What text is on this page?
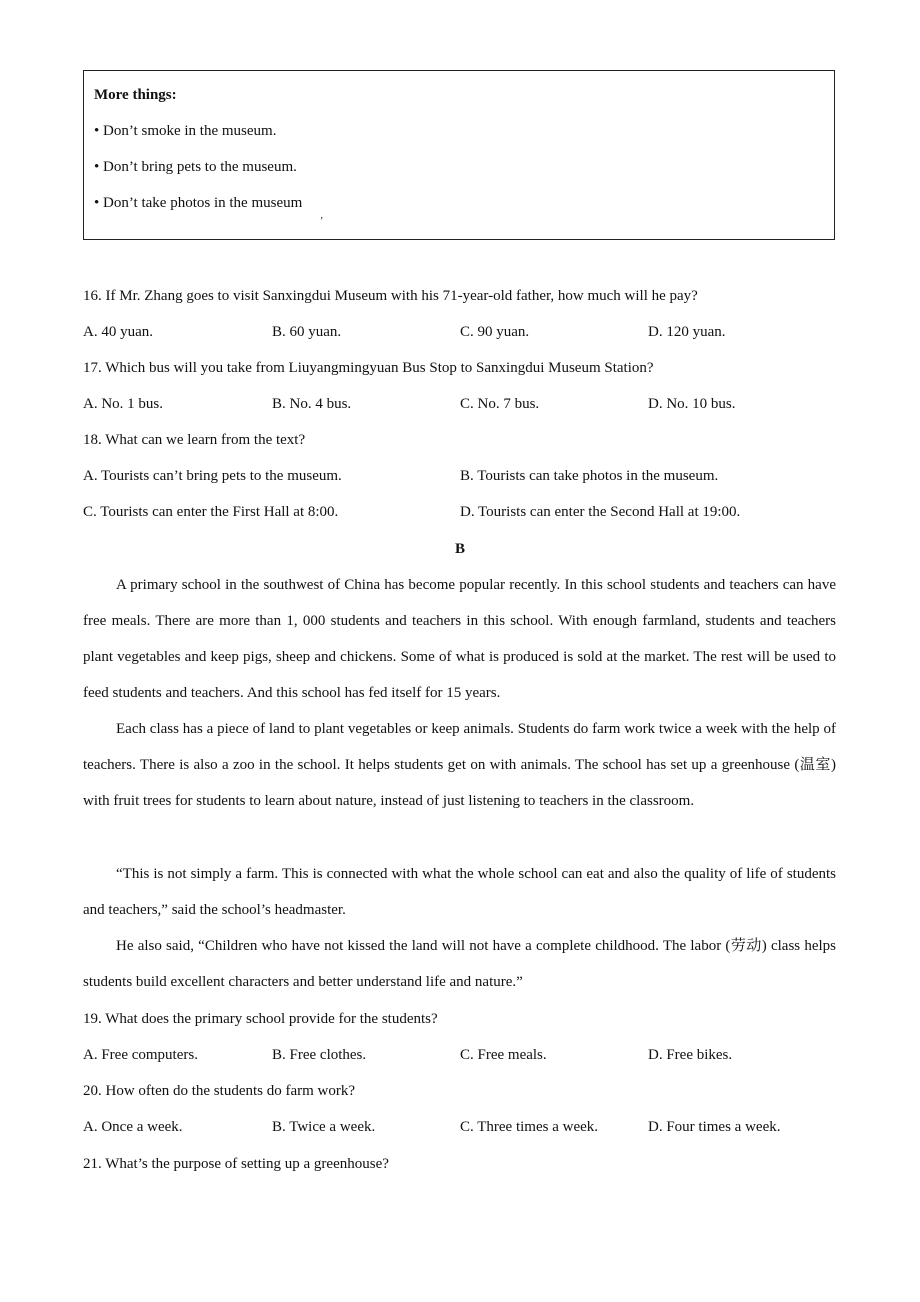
More things:
• Don’t smoke in the museum.
• Don’t bring pets to the museum.
• Don’t take photos in the museum
’
16. If Mr. Zhang goes to visit Sanxingdui Museum with his 71-year-old father, how much will he pay?
A. 40 yuan.	B. 60 yuan.	C. 90 yuan.	D. 120 yuan.
17. Which bus will you take from Liuyangmingyuan Bus Stop to Sanxingdui Museum Station?
A. No. 1 bus.	B. No. 4 bus.	C. No. 7 bus.	D. No. 10 bus.
18. What can we learn from the text?
A. Tourists can’t bring pets to the museum.	B. Tourists can take photos in the museum.
C. Tourists can enter the First Hall at 8:00.	D. Tourists can enter the Second Hall at 19:00.
B

A primary school in the southwest of China has become popular recently. In this school students and teachers can have free meals. There are more than 1, 000 students and teachers in this school. With enough farmland, students and teachers plant vegetables and keep pigs, sheep and chickens. Some of what is produced is sold at the market. The rest will be used to feed students and teachers. And this school has fed itself for 15 years.

Each class has a piece of land to plant vegetables or keep animals. Students do farm work twice a week with the help of teachers. There is also a zoo in the school. It helps students get on with animals. The school has set up a greenhouse (温室) with fruit trees for students to learn about nature, instead of just listening to teachers in the classroom.

“This is not simply a farm. This is connected with what the whole school can eat and also the quality of life of students and teachers,” said the school’s headmaster.

He also said, “Children who have not kissed the land will not have a complete childhood. The labor (劳动) class helps students build excellent characters and better understand life and nature.”

19. What does the primary school provide for the students?
A. Free computers.	B. Free clothes.	C. Free meals.	D. Free bikes.
20. How often do the students do farm work?
A. Once a week.	B. Twice a week.	C. Three times a week.	D. Four times a week.
21. What’s the purpose of setting up a greenhouse?
